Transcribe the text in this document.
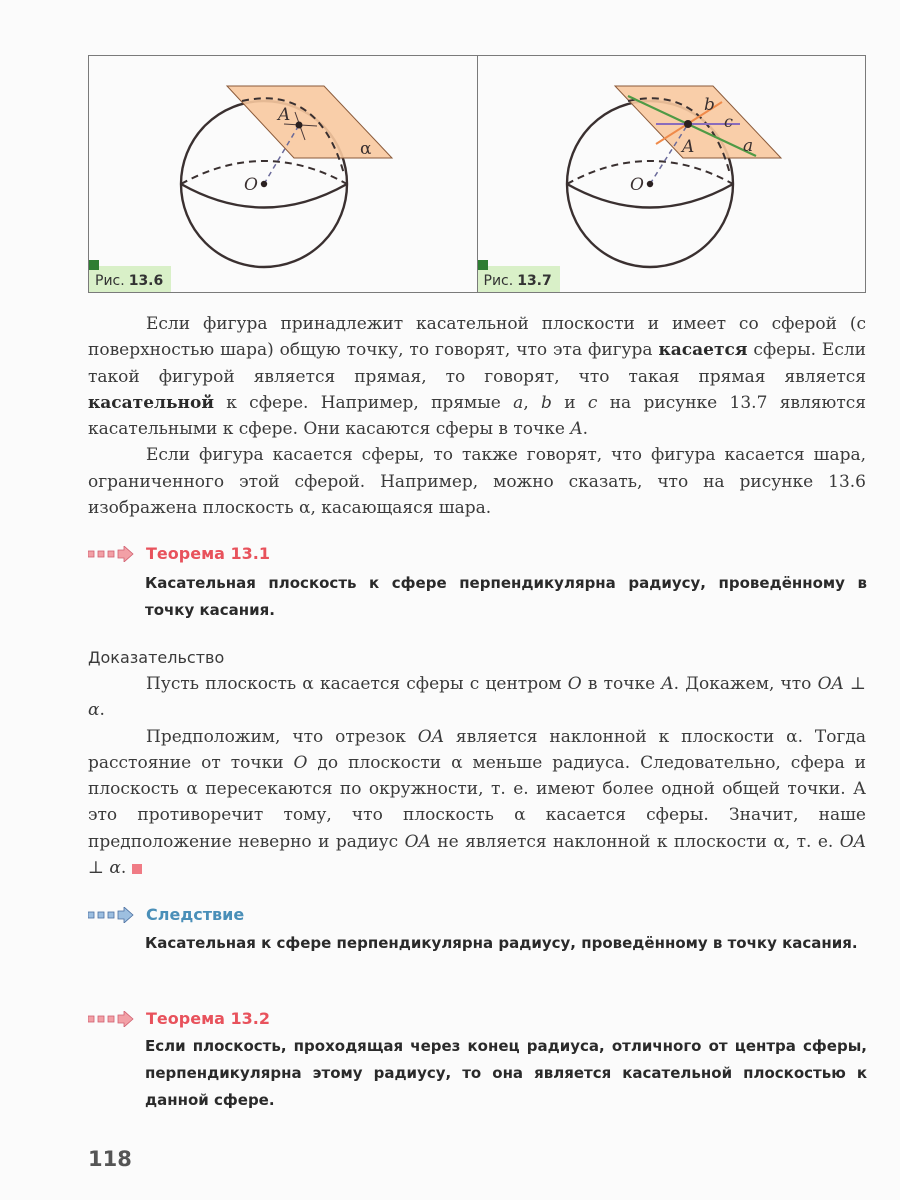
A
O
α
Рис. 13.6
A
O
a
b
c
Рис. 13.7

Если фигура принадлежит касательной плоскости и имеет со сферой (с поверхностью шара) общую точку, то говорят, что эта фигура касается сферы. Если такой фигурой является прямая, то говорят, что такая прямая является касательной к сфере. Например, прямые a, b и c на рисунке 13.7 являются касательными к сфере. Они касаются сферы в точке A.

Если фигура касается сферы, то также говорят, что фигура касается шара, ограниченного этой сферой. Например, можно сказать, что на рисунке 13.6 изображена плоскость α, касающаяся шара.

Теорема 13.1
Касательная плоскость к сфере перпендикулярна радиусу, проведённому в точку касания.
Доказательство

Пусть плоскость α касается сферы с центром O в точке A. Докажем, что OA ⊥ α.

Предположим, что отрезок OA является наклонной к плоскости α. Тогда расстояние от точки O до плоскости α меньше радиуса. Следовательно, сфера и плоскость α пересекаются по окружности, т. е. имеют более одной общей точки. А это противоречит тому, что плоскость α касается сферы. Значит, наше предположение неверно и радиус OA не является наклонной к плоскости α, т. е. OA ⊥ α.

Следствие
Касательная к сфере перпендикулярна радиусу, проведённому в точку касания.
Теорема 13.2
Если плоскость, проходящая через конец радиуса, отличного от центра сферы, перпендикулярна этому радиусу, то она является касательной плоскостью к данной сфере.
118
